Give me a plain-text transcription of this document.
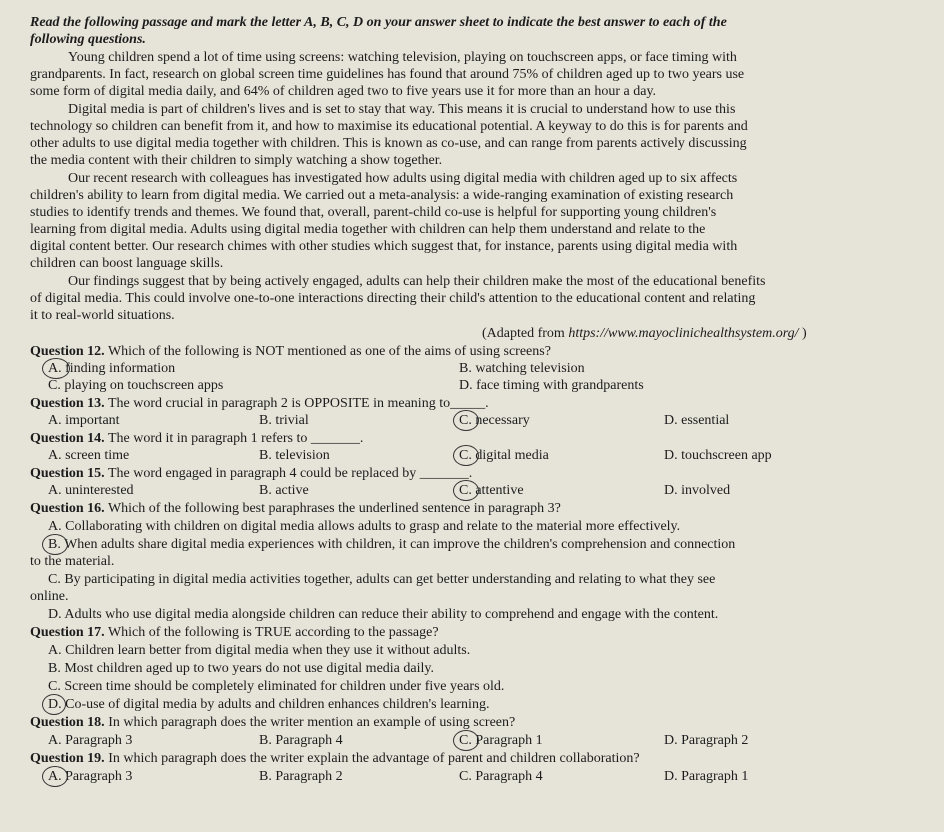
Read the following passage and mark the letter A, B, C, D on your answer sheet to indicate the best answer to each of the
following questions.
Young children spend a lot of time using screens: watching television, playing on touchscreen apps, or face timing with
grandparents. In fact, research on global screen time guidelines has found that around 75% of children aged up to two years use
some form of digital media daily, and 64% of children aged two to five years use it for more than an hour a day.
Digital media is part of children's lives and is set to stay that way. This means it is crucial to understand how to use this
technology so children can benefit from it, and how to maximise its educational potential. A keyway to do this is for parents and
other adults to use digital media together with children. This is known as co-use, and can range from parents actively discussing
the media content with their children to simply watching a show together.
Our recent research with colleagues has investigated how adults using digital media with children aged up to six affects
children's ability to learn from digital media. We carried out a meta-analysis: a wide-ranging examination of existing research
studies to identify trends and themes. We found that, overall, parent-child co-use is helpful for supporting young children's
learning from digital media. Adults using digital media together with children can help them understand and relate to the
digital content better. Our research chimes with other studies which suggest that, for instance, parents using digital media with
children can boost language skills.
Our findings suggest that by being actively engaged, adults can help their children make the most of the educational benefits
of digital media. This could involve one-to-one interactions directing their child's attention to the educational content and relating
it to real-world situations.
(Adapted from https://www.mayoclinichealthsystem.org/ )
Question 12. Which of the following is NOT mentioned as one of the aims of using screens?
A. finding information	B. watching television
C. playing on touchscreen apps	D. face timing with grandparents
Question 13. The word crucial in paragraph 2 is OPPOSITE in meaning to_____.
A. important	B. trivial	C. necessary	D. essential
Question 14. The word it in paragraph 1 refers to _______.
A. screen time	B. television	C. digital media	D. touchscreen app
Question 15. The word engaged in paragraph 4 could be replaced by _______.
A. uninterested	B. active	C. attentive	D. involved
Question 16. Which of the following best paraphrases the underlined sentence in paragraph 3?
A. Collaborating with children on digital media allows adults to grasp and relate to the material more effectively.
B. When adults share digital media experiences with children, it can improve the children's comprehension and connection
to the material.
C. By participating in digital media activities together, adults can get better understanding and relating to what they see
online.
D. Adults who use digital media alongside children can reduce their ability to comprehend and engage with the content.
Question 17. Which of the following is TRUE according to the passage?
A. Children learn better from digital media when they use it without adults.
B. Most children aged up to two years do not use digital media daily.
C. Screen time should be completely eliminated for children under five years old.
D. Co-use of digital media by adults and children enhances children's learning.
Question 18. In which paragraph does the writer mention an example of using screen?
A. Paragraph 3	B. Paragraph 4	C. Paragraph 1	D. Paragraph 2
Question 19. In which paragraph does the writer explain the advantage of parent and children collaboration?
A. Paragraph 3	B. Paragraph 2	C. Paragraph 4	D. Paragraph 1
